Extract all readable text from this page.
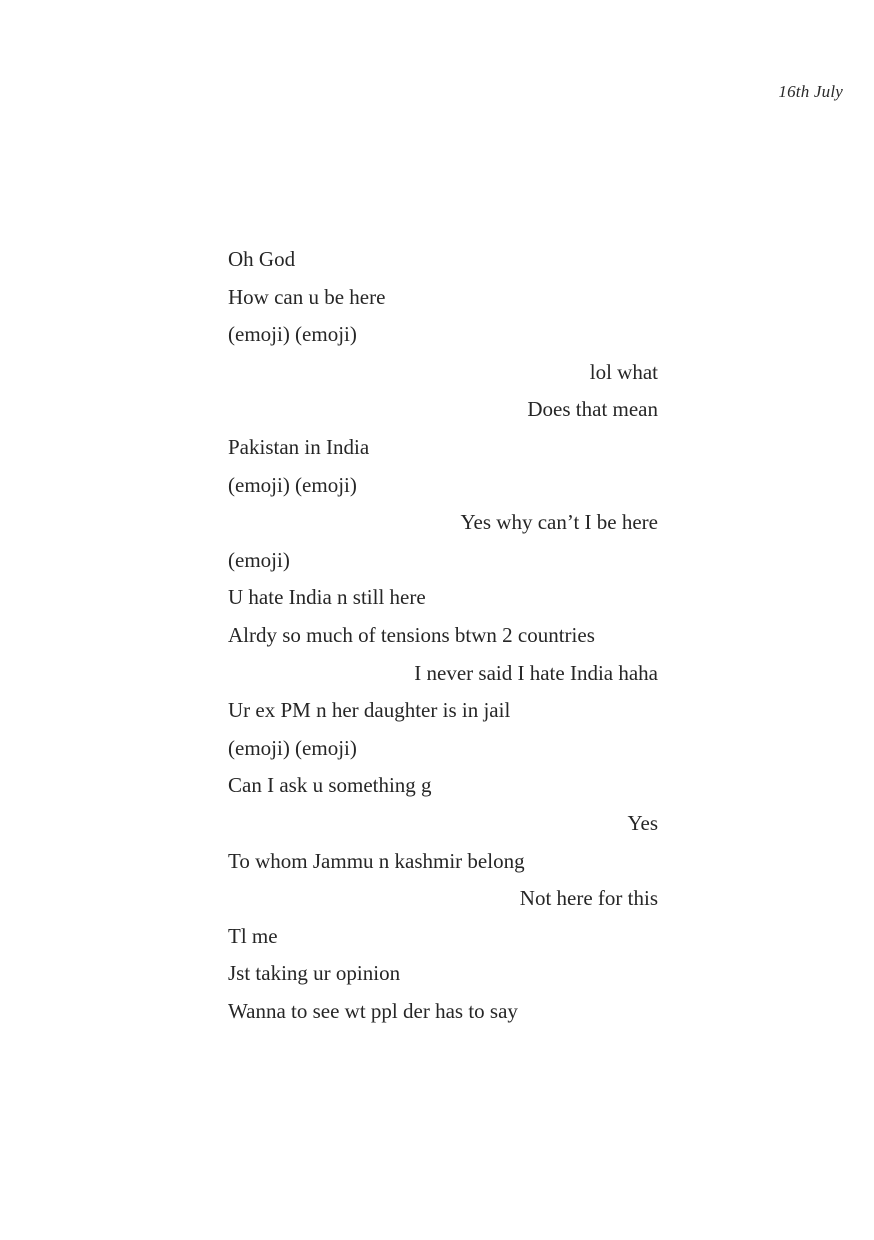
16th July
Oh God
How can u be here
(emoji) (emoji)
lol what
Does that mean
Pakistan in India
(emoji) (emoji)
Yes why can’t I be here
(emoji)
U hate India n still here
Alrdy so much of tensions btwn 2 countries
I never said I hate India haha
Ur ex PM n her daughter is in jail
(emoji) (emoji)
Can I ask u something g
Yes
To whom Jammu n kashmir belong
Not here for this
Tl me
Jst taking ur opinion
Wanna to see wt ppl der has to say
